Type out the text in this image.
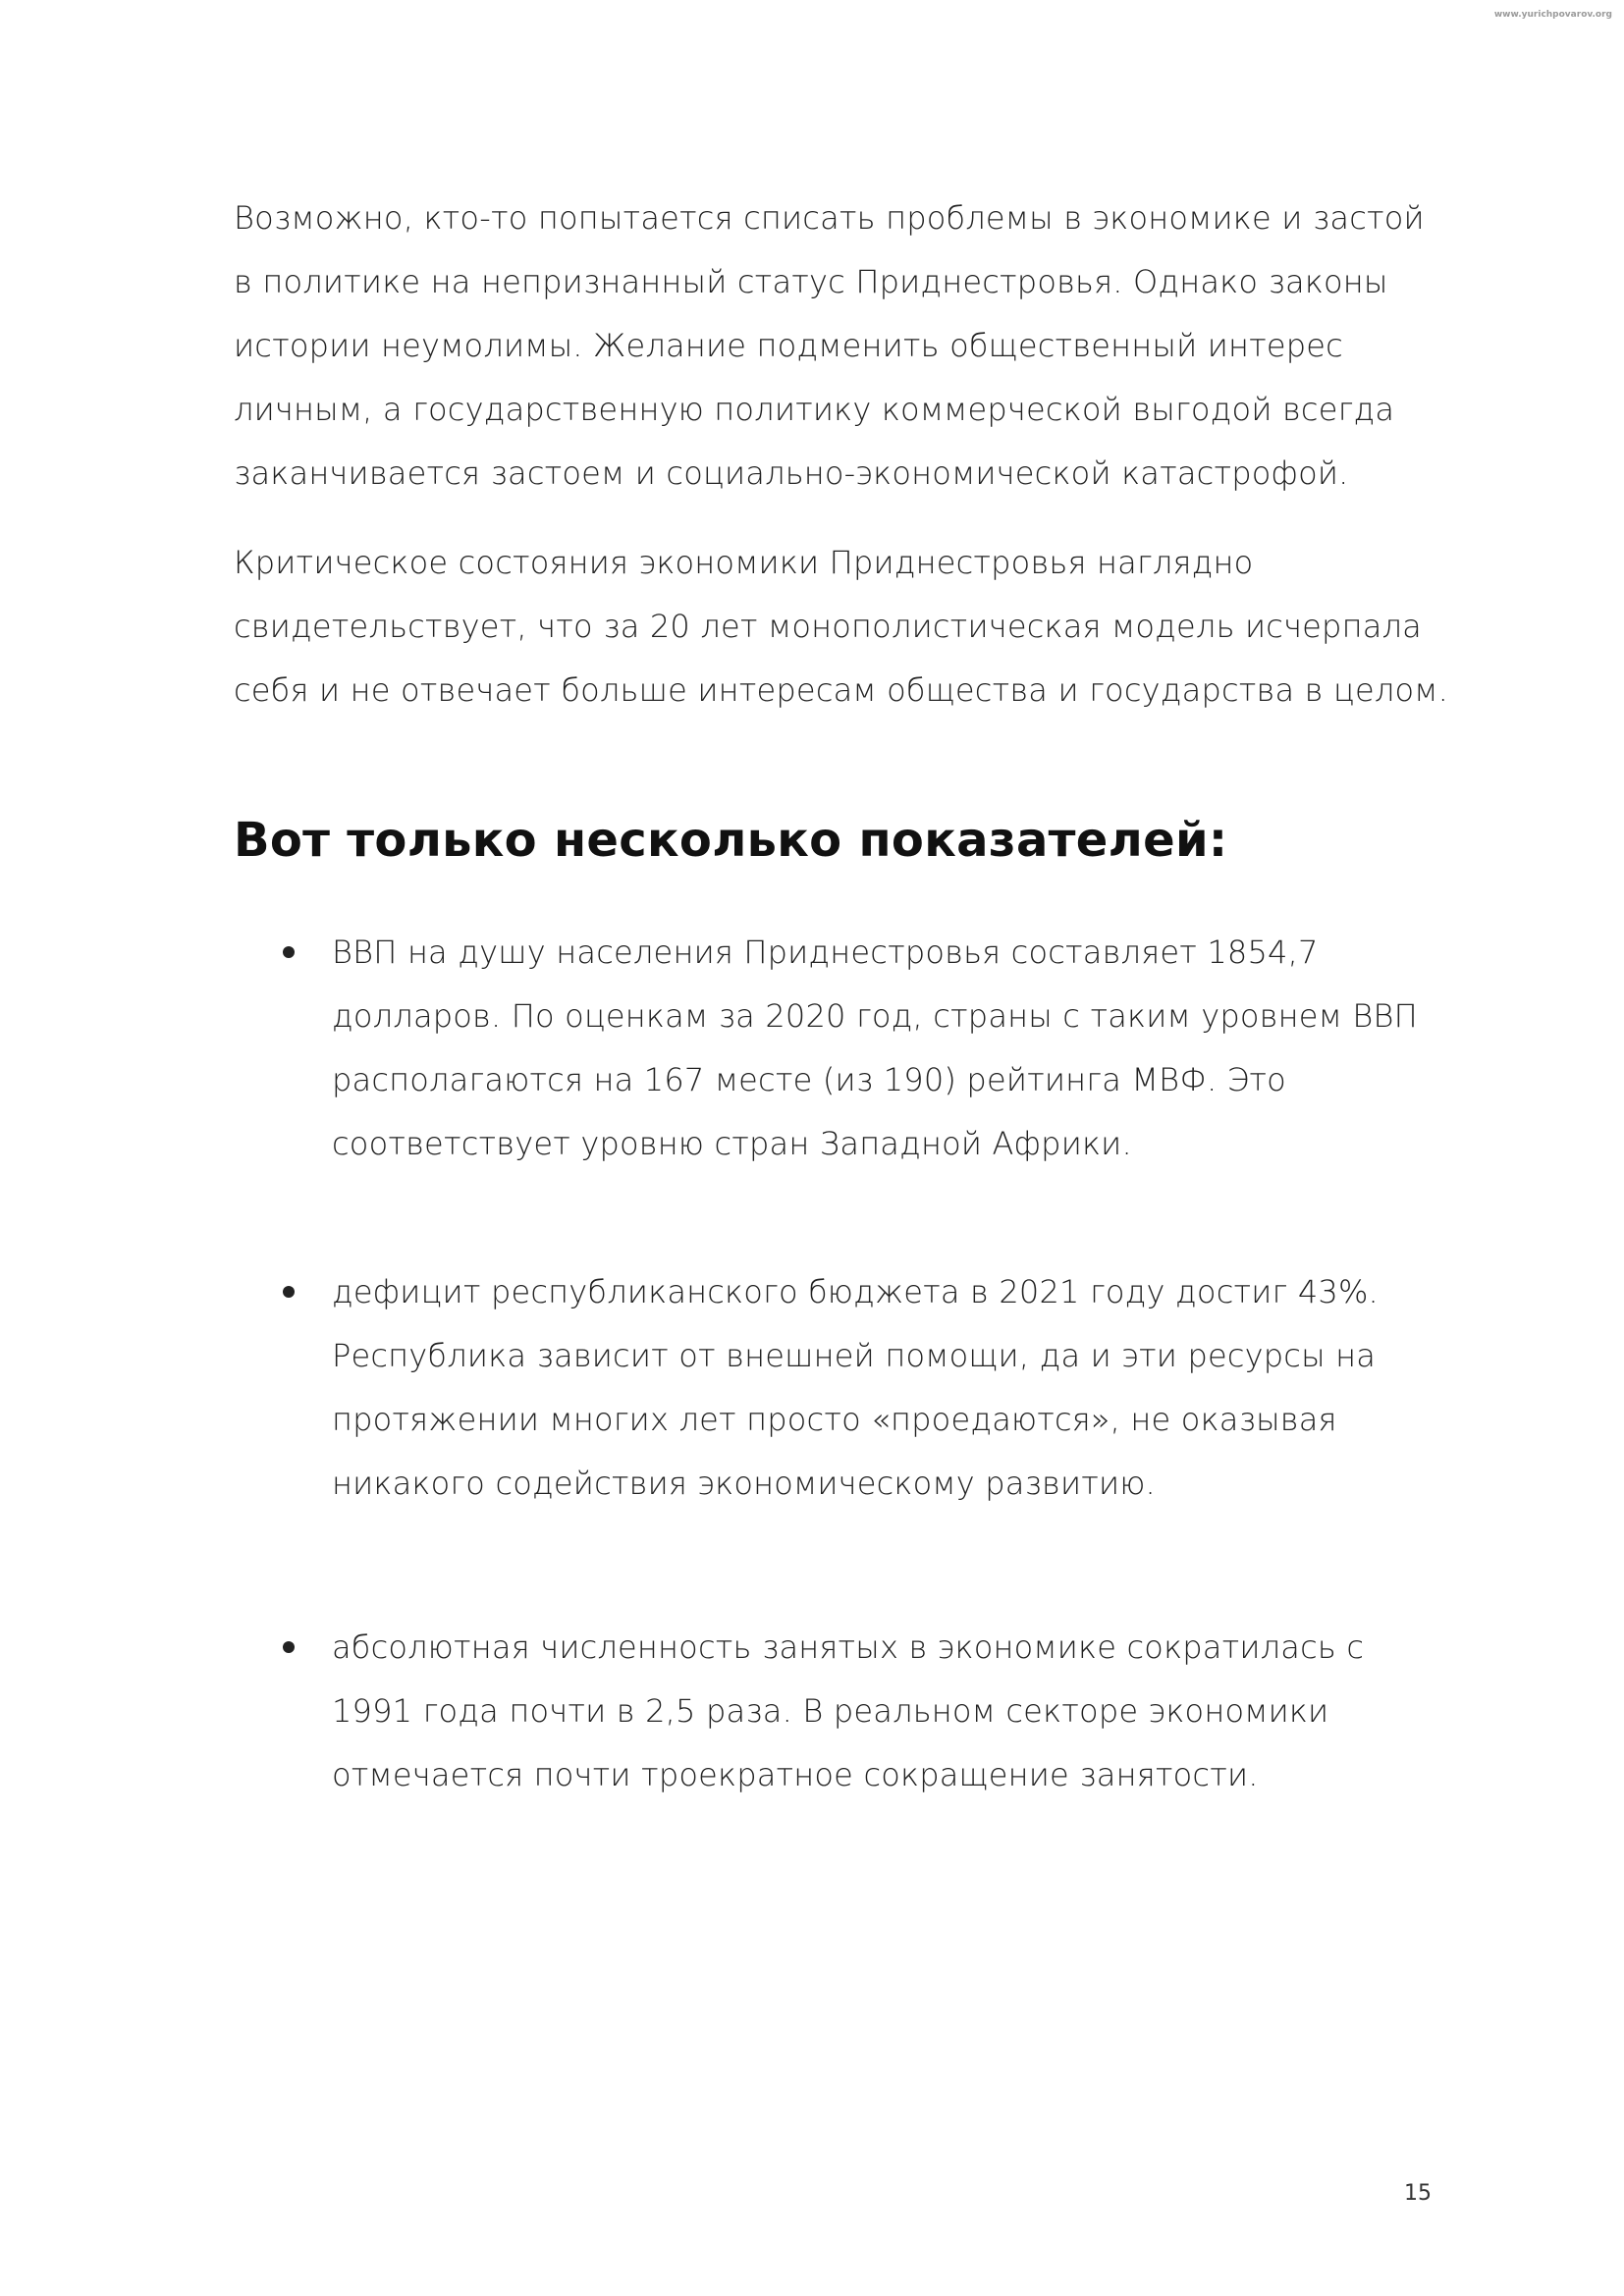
www.yurichpovarov.org

Возможно, кто-то попытается списать проблемы в экономике и застой в политике на непризнанный статус Приднестровья. Однако законы истории неумолимы. Желание подменить общественный интерес личным, а государственную политику коммерческой выгодой всегда заканчивается застоем и социально-экономической катастрофой.

Критическое состояния экономики Приднестровья наглядно свидетельствует, что за 20 лет монополистическая модель исчерпала себя и не отвечает больше интересам общества и государства в целом.

Вот только несколько показателей:
ВВП на душу населения Приднестровья составляет 1854,7 долларов. По оценкам за 2020 год, страны с таким уровнем ВВП располагаются на 167 месте (из 190) рейтинга МВФ. Это соответствует уровню стран Западной Африки.
дефицит республиканского бюджета в 2021 году достиг 43%. Республика зависит от внешней помощи, да и эти ресурсы на протяжении многих лет просто «проедаются», не оказывая никакого содействия экономическому развитию.
абсолютная численность занятых в экономике сократилась с 1991 года почти в 2,5 раза. В реальном секторе экономики отмечается почти троекратное сокращение занятости.
15
